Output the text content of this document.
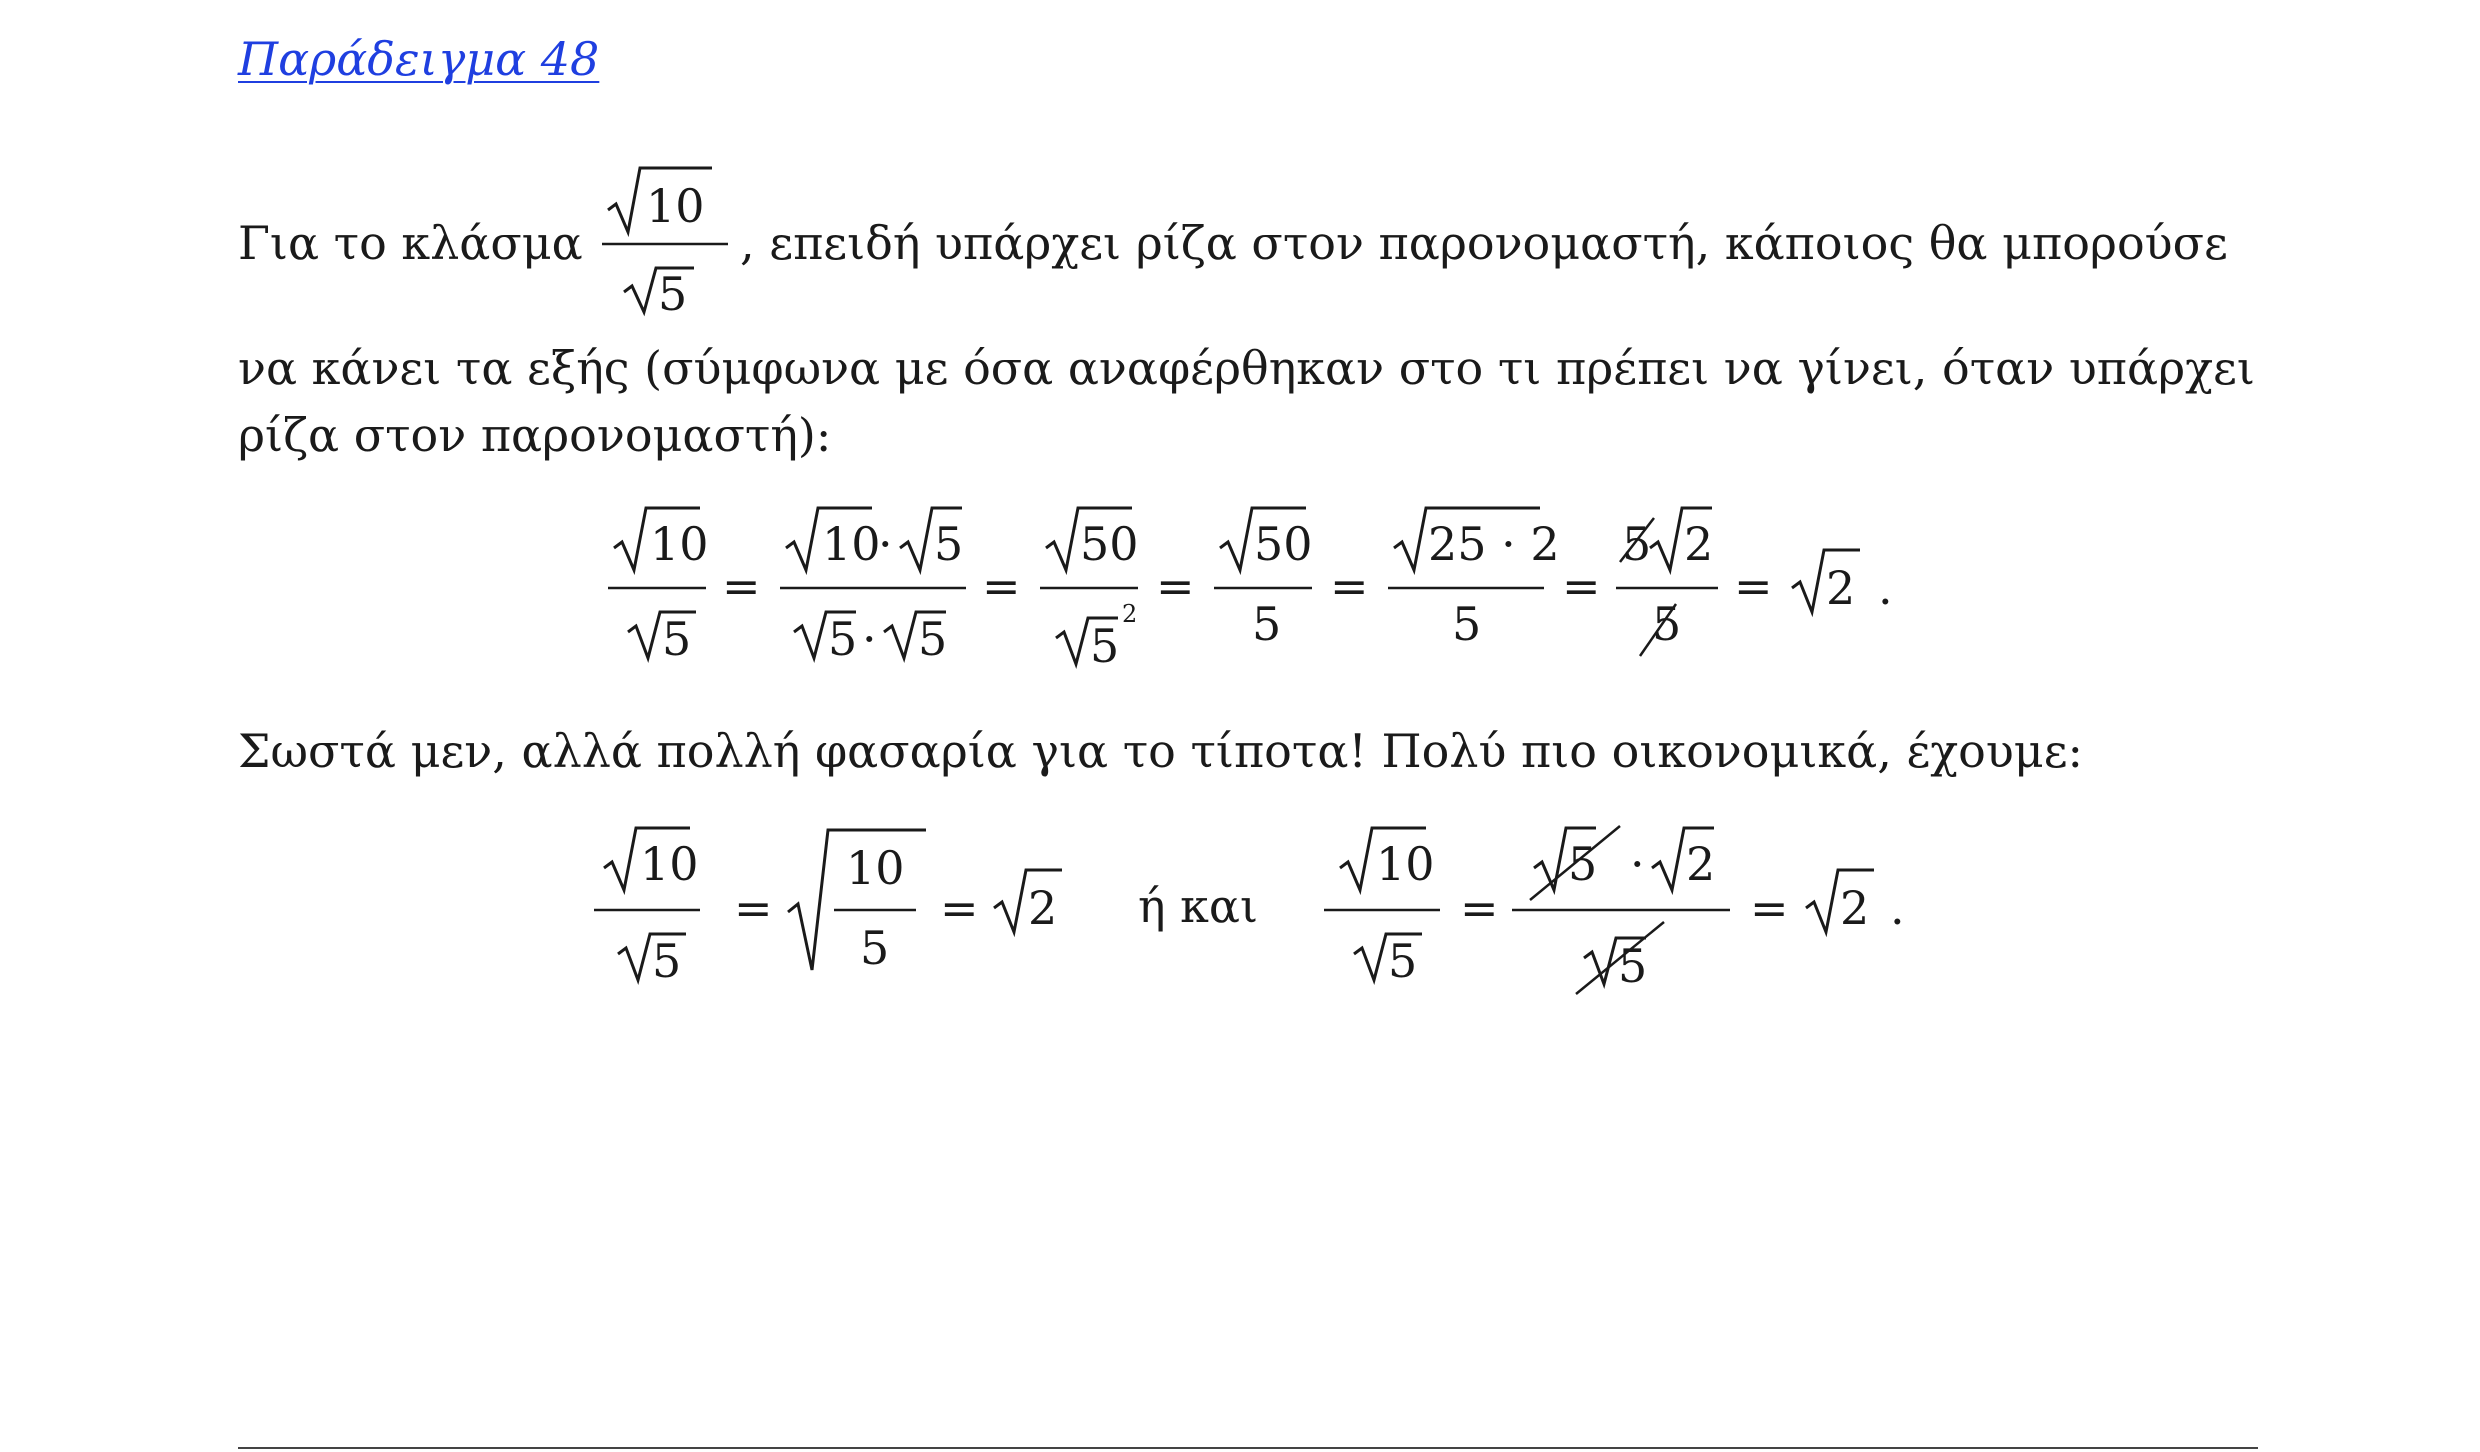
Παράδειγμα 48
Για το κλάσμα
10
5
, επειδή υπάρχει ρίζα στον παρονομαστή, κάποιος θα μπορούσε
να κάνει τα εξής (σύμφωνα με όσα αναφέρθηκαν στο τι πρέπει να γίνει, όταν υπάρχει
ρίζα στον παρονομαστή):
10
5
=
10
· 5
5 · 5
=
50
5
2
=
50
5
=
25 · 2
5
=
5 2
5
= 2 .
Σωστά μεν, αλλά πολλή φασαρία για το τίποτα! Πολύ πιο οικονομικά, έχουμε:
10
5
=
10
5
= 2 ή και
10
5
=
5 · 2
5
= 2 .
